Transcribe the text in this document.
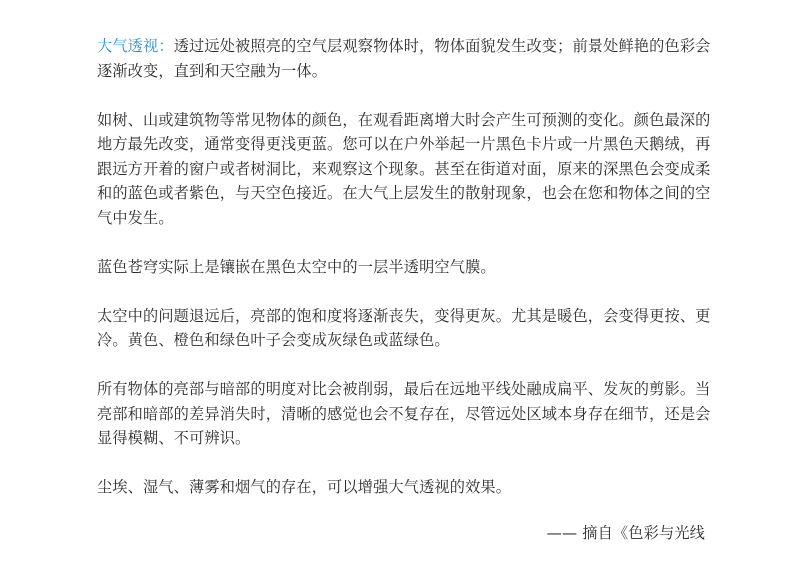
大气透视：透过远处被照亮的空气层观察物体时，物体面貌发生改变；前景处鲜艳的色彩会逐渐改变，直到和天空融为一体。

如树、山或建筑物等常见物体的颜色，在观看距离增大时会产生可预测的变化。颜色最深的地方最先改变，通常变得更浅更蓝。您可以在户外举起一片黑色卡片或一片黑色天鹅绒，再跟远方开着的窗户或者树洞比，来观察这个现象。甚至在街道对面，原来的深黑色会变成柔和的蓝色或者紫色，与天空色接近。在大气上层发生的散射现象，也会在您和物体之间的空气中发生。

蓝色苍穹实际上是镶嵌在黑色太空中的一层半透明空气膜。

太空中的问题退远后，亮部的饱和度将逐渐丧失，变得更灰。尤其是暖色，会变得更按、更冷。黄色、橙色和绿色叶子会变成灰绿色或蓝绿色。

所有物体的亮部与暗部的明度对比会被削弱，最后在远地平线处融成扁平、发灰的剪影。当亮部和暗部的差异消失时，清晰的感觉也会不复存在，尽管远处区域本身存在细节，还是会显得模糊、不可辨识。

尘埃、湿气、薄雾和烟气的存在，可以增强大气透视的效果。

—— 摘自《色彩与光线
